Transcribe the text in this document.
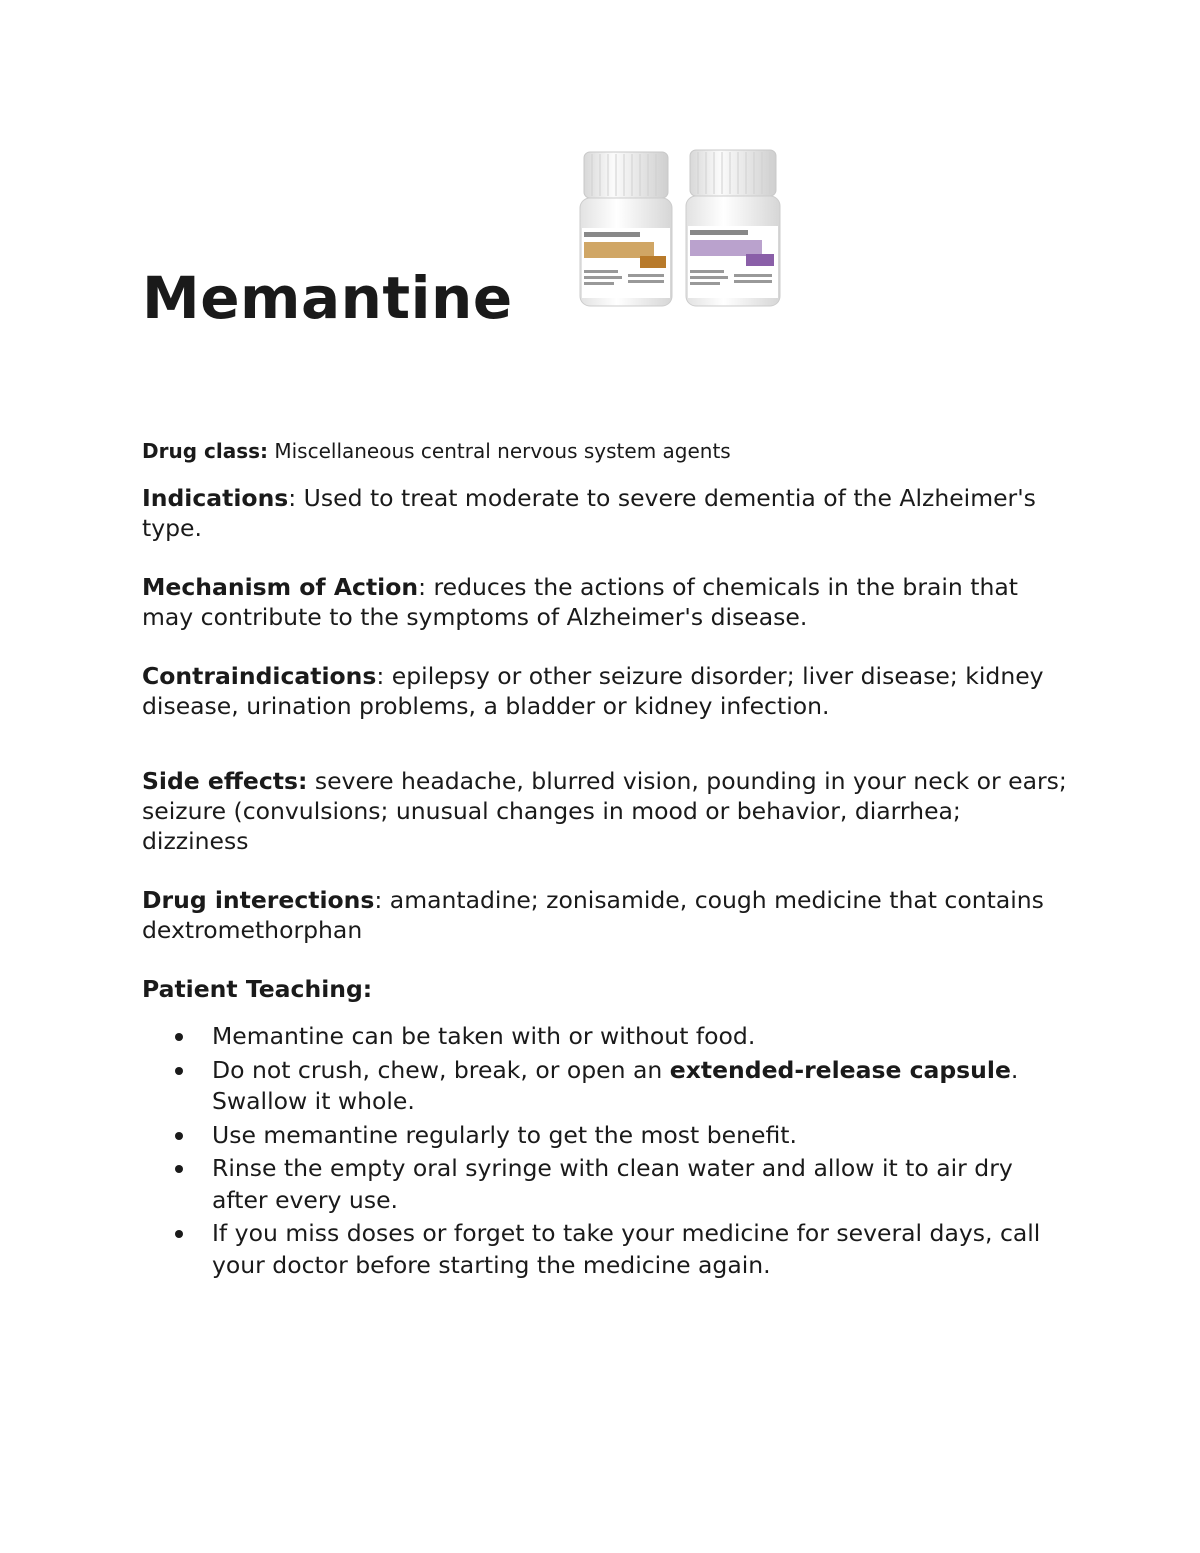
Memantine

Drug class: Miscellaneous central nervous system agents

Indications: Used to treat moderate to severe dementia of the Alzheimer's type.

Mechanism of Action: reduces the actions of chemicals in the brain that may contribute to the symptoms of Alzheimer's disease.

Contraindications: epilepsy or other seizure disorder; liver disease; kidney disease, urination problems, a bladder or kidney infection.

Side effects: severe headache, blurred vision, pounding in your neck or ears; seizure (convulsions; unusual changes in mood or behavior, diarrhea; dizziness

Drug interections: amantadine; zonisamide, cough medicine that contains dextromethorphan

Patient Teaching:

Memantine can be taken with or without food.
Do not crush, chew, break, or open an extended-release capsule. Swallow it whole.
Use memantine regularly to get the most benefit.
Rinse the empty oral syringe with clean water and allow it to air dry after every use.
If you miss doses or forget to take your medicine for several days, call your doctor before starting the medicine again.
